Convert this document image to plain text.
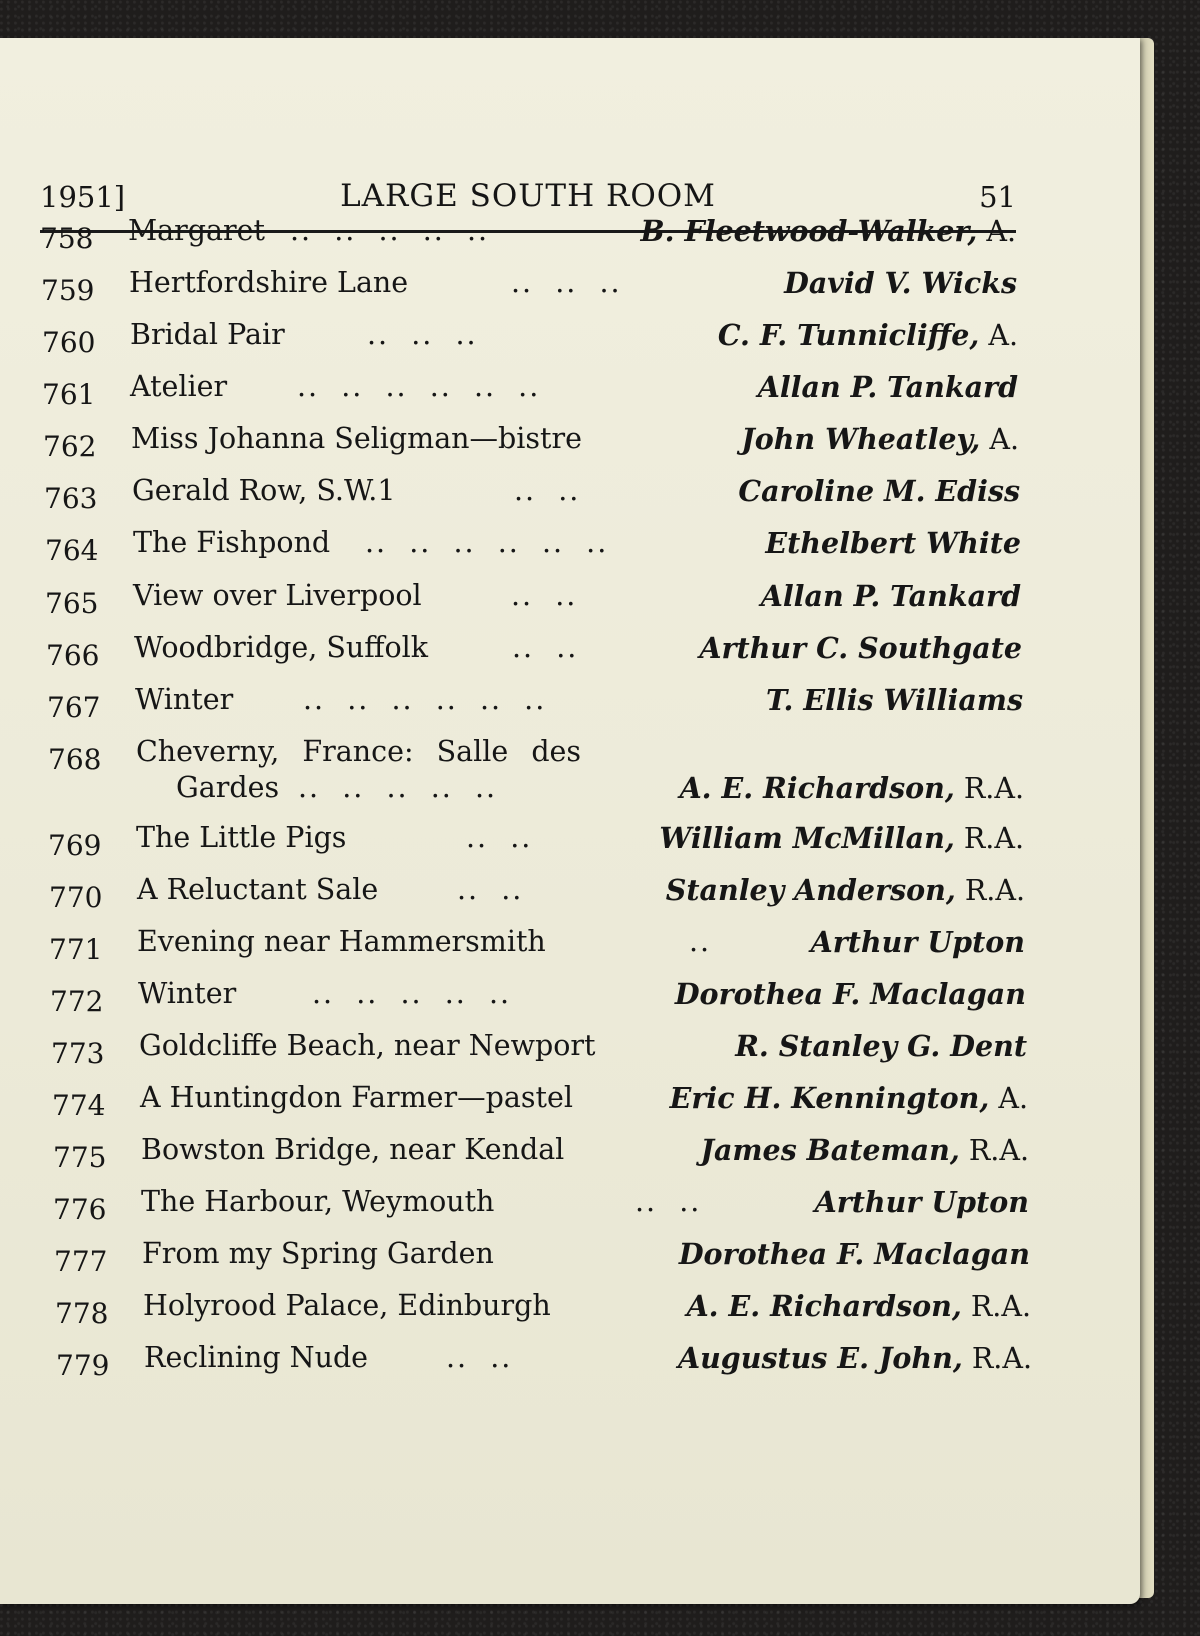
1951]	LARGE SOUTH ROOM	51
758 Margaret ..  ..  ..  ..  ..	B. Fleetwood-Walker, A.
759 Hertfordshire Lane	..  ..  ..	David V. Wicks
760 Bridal Pair	..  ..  ..	C. F. Tunnicliffe, A.
761 Atelier ..  ..  ..  ..  ..  ..	Allan P. Tankard
762 Miss Johanna Seligman—bistre	John Wheatley, A.
763 Gerald Row, S.W.1	..  ..	Caroline M. Ediss
764 The Fishpond ..  ..  ..  ..  ..  ..	Ethelbert White
765 View over Liverpool	..  ..	Allan P. Tankard
766 Woodbridge, Suffolk	..  ..	Arthur C. Southgate
767 Winter ..  ..  ..  ..  ..  ..	T. Ellis Williams
768 Cheverny, France: Salle des
Gardes ..  ..  ..  ..  ..	A. E. Richardson, R.A.
769 The Little Pigs	..  ..	William McMillan, R.A.
770 A Reluctant Sale	..  ..	Stanley Anderson, R.A.
771 Evening near Hammersmith	..	Arthur Upton
772 Winter	..  ..  ..  ..  ..	Dorothea F. Maclagan
773 Goldcliffe Beach, near Newport	R. Stanley G. Dent
774 A Huntingdon Farmer—pastel	Eric H. Kennington, A.
775 Bowston Bridge, near Kendal	James Bateman, R.A.
776 The Harbour, Weymouth	..  ..	Arthur Upton
777 From my Spring Garden	Dorothea F. Maclagan
778 Holyrood Palace, Edinburgh	A. E. Richardson, R.A.
779 Reclining Nude	..  ..	Augustus E. John, R.A.
